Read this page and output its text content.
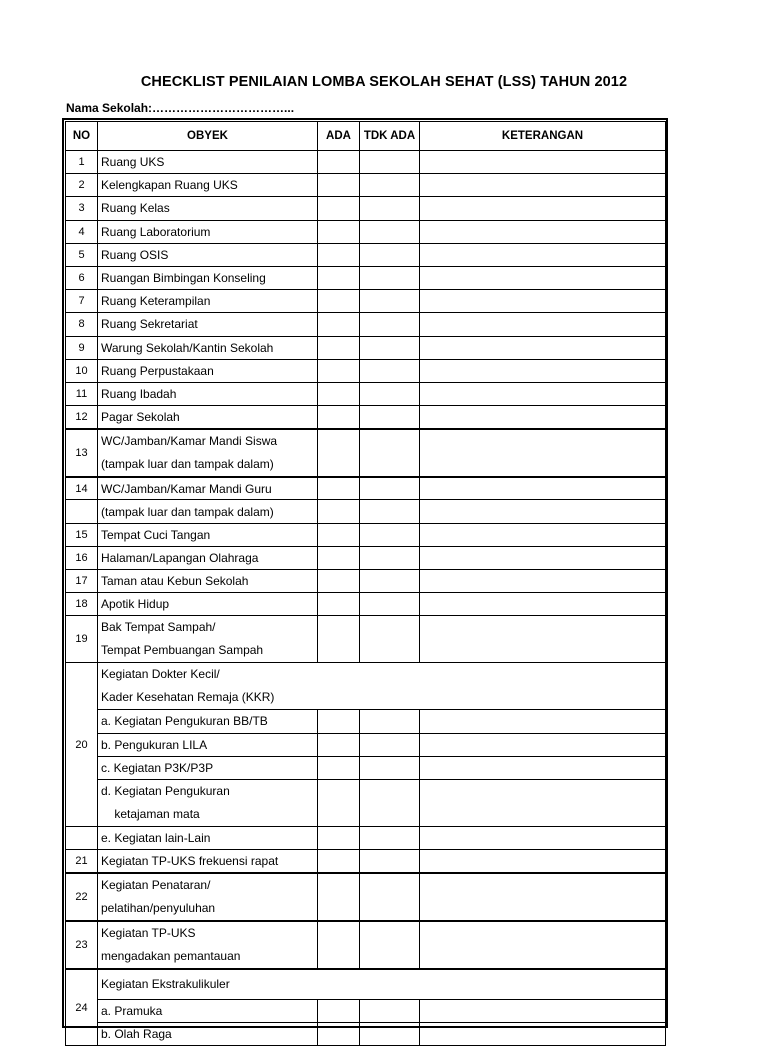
CHECKLIST PENILAIAN LOMBA SEKOLAH SEHAT (LSS) TAHUN 2012
Nama Sekolah:……………………………...
NO	OBYEK	ADA	TDK ADA	KETERANGAN
1	Ruang UKS			
2	Kelengkapan Ruang UKS			
3	Ruang Kelas			
4	Ruang Laboratorium			
5	Ruang OSIS			
6	Ruangan Bimbingan Konseling			
7	Ruang Keterampilan			
8	Ruang Sekretariat			
9	Warung Sekolah/Kantin Sekolah			
10	Ruang Perpustakaan			
11	Ruang Ibadah			
12	Pagar Sekolah			
13	WC/Jamban/Kamar Mandi Siswa
(tampak luar dan tampak dalam)			

14	WC/Jamban/Kamar Mandi Guru			
	(tampak luar dan tampak dalam)			
15	Tempat Cuci Tangan			
16	Halaman/Lapangan Olahraga			
17	Taman atau Kebun Sekolah			
18	Apotik Hidup			
19	Bak Tempat Sampah/
Tempat Pembuangan Sampah			

20	Kegiatan Dokter Kecil/
Kader Kesehatan Remaja (KKR)			

	a. Kegiatan Pengukuran BB/TB			
	b. Pengukuran LILA			
	c. Kegiatan P3K/P3P			

	d. Kegiatan Pengukuran
ketajaman mata			

	e. Kegiatan lain-Lain			
21	Kegiatan TP-UKS frekuensi rapat			
22	Kegiatan Penataran/
pelatihan/penyuluhan			

23	Kegiatan TP-UKS
mengadakan pemantauan			

24	Kegiatan Ekstrakulikuler			
	a. Pramuka			
	b. Olah Raga			
